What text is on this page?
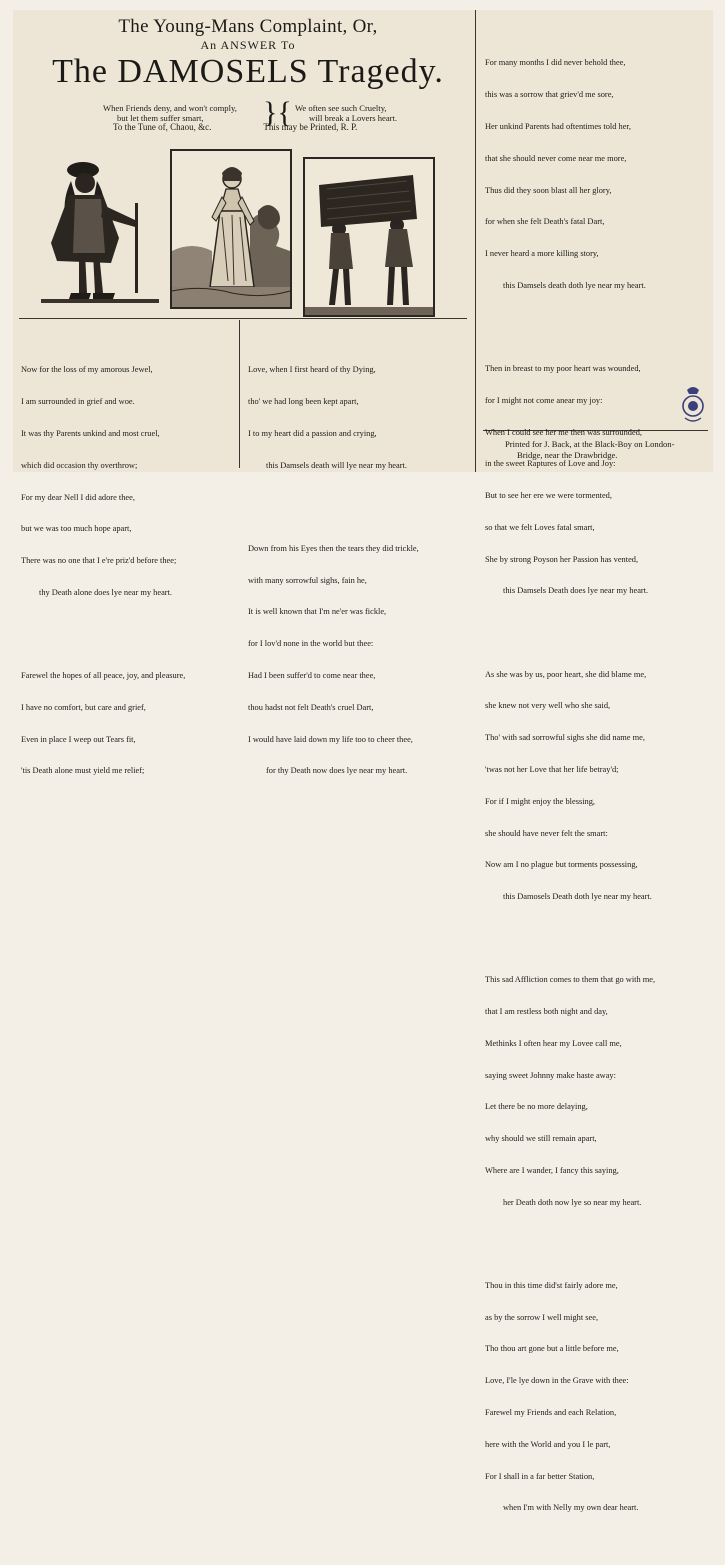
The Young-Mans Complaint, Or,
An ANSWER To
The DAMOSELS Tragedy.
When Friends deny, and won't comply,
but let them suffer smart,	}{ We often see such Cruelty,
will break a Lovers heart.
To the Tune of, Chaou, &c.	This may be Printed, R. P.

Now for the loss of my amorous Jewel,

I am surrounded in grief and woe.

It was thy Parents unkind and most cruel,

which did occasion thy overthrow;

For my dear Nell I did adore thee,

but we was too much hope apart,

There was no one that I e're priz'd before thee;

thy Death alone does lye near my heart.

Farewel the hopes of all peace, joy, and pleasure,

I have no comfort, but care and grief,

Even in place I weep out Tears fit,

'tis Death alone must yield me relief;

Love, when I first heard of thy Dying,

tho' we had long been kept apart,

I to my heart did a passion and crying,

this Damsels death will lye near my heart.

Down from his Eyes then the tears they did trickle,

with many sorrowful sighs, fain he,

It is well known that I'm ne'er was fickle,

for I lov'd none in the world but thee:

Had I been suffer'd to come near thee,

thou hadst not felt Death's cruel Dart,

I would have laid down my life too to cheer thee,

for thy Death now does lye near my heart.

For many months I did never behold thee,

this was a sorrow that griev'd me sore,

Her unkind Parents had oftentimes told her,

that she should never come near me more,

Thus did they soon blast all her glory,

for when she felt Death's fatal Dart,

I never heard a more killing story,

this Damsels death doth lye near my heart.

Then in breast to my poor heart was wounded,

for I might not come anear my joy:

When I could see her me then was surrounded,

in the sweet Raptures of Love and Joy:

But to see her ere we were tormented,

so that we felt Loves fatal smart,

She by strong Poyson her Passion has vented,

this Damsels Death does lye near my heart.

As she was by us, poor heart, she did blame me,

she knew not very well who she said,

Tho' with sad sorrowful sighs she did name me,

'twas not her Love that her life betray'd;

For if I might enjoy the blessing,

she should have never felt the smart:

Now am I no plague but torments possessing,

this Damosels Death doth lye near my heart.

This sad Affliction comes to them that go with me,

that I am restless both night and day,

Methinks I often hear my Lovee call me,

saying sweet Johnny make haste away:

Let there be no more delaying,

why should we still remain apart,

Where are I wander, I fancy this saying,

her Death doth now lye so near my heart.

Thou in this time did'st fairly adore me,

as by the sorrow I well might see,

Tho thou art gone but a little before me,

Love, I'le lye down in the Grave with thee:

Farewel my Friends and each Relation,

here with the World and you I le part,

For I shall in a far better Station,

when I'm with Nelly my own dear heart.

Printed for J. Back, at the Black-Boy on London-
Bridge, near the Drawbridge.
